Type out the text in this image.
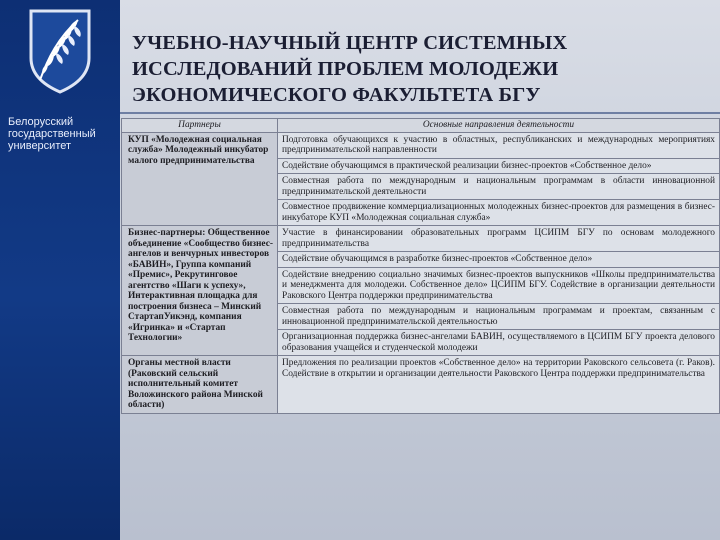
Белорусский
государственный
университет
УЧЕБНО-НАУЧНЫЙ ЦЕНТР СИСТЕМНЫХ
ИССЛЕДОВАНИЙ ПРОБЛЕМ МОЛОДЕЖИ
ЭКОНОМИЧЕСКОГО ФАКУЛЬТЕТА БГУ
Партнеры	Основные направления деятельности
КУП «Молодежная социальная служба» Молодежный инкубатор малого предпринимательства	Подготовка обучающихся к участию в областных, республиканских и международных мероприятиях предпринимательской направленности
	Содействие обучающимся в практической реализации бизнес-проектов «Собственное дело»
	Совместная работа по международным и национальным программам в области инновационной предпринимательской деятельности
	Совместное продвижение коммерциализационных молодежных бизнес-проектов для размещения в бизнес-инкубаторе КУП «Молодежная социальная служба»
Бизнес-партнеры: Общественное объединение «Сообщество бизнес-ангелов и венчурных инвесторов «БАВИН», Группа компаний «Премис», Рекрутинговое агентство «Шаги к успеху», Интерактивная площадка для построения бизнеса – Минский СтартапУикэнд, компания «Игринка» и «Стартап Технологии»	Участие в финансировании образовательных программ ЦСИПМ БГУ по основам молодежного предпринимательства
	Содействие обучающимся в разработке бизнес-проектов «Собственное дело»
	Содействие внедрению социально значимых бизнес-проектов выпускников «Школы предпринимательства и менеджмента для молодежи. Собственное дело» ЦСИПМ БГУ. Содействие в организации деятельности Раковского Центра поддержки предпринимательства
	Совместная работа по международным и национальным программам и проектам, связанным с инновационной предпринимательской деятельностью
	Организационная поддержка бизнес-ангелами БАВИН, осуществляемого в ЦСИПМ БГУ проекта делового образования учащейся и студенческой молодежи
Органы местной власти (Раковский сельский исполнительный комитет Воложинского района Минской области)	Предложения по реализации проектов «Собственное дело» на территории Раковского сельсовета (г. Раков). Содействие в открытии и организации деятельности Раковского Центра поддержки предпринимательства
